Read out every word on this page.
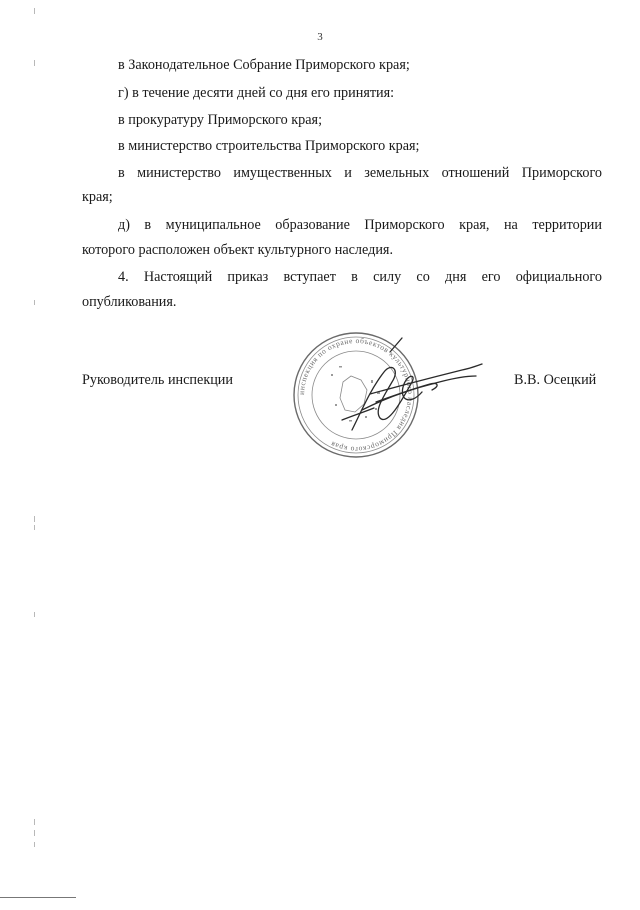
3
в Законодательное Собрание Приморского края;
г) в течение десяти дней со дня его принятия:
в прокуратуру Приморского края;
в министерство строительства Приморского края;
в министерство имущественных и земельных отношений Приморского
края;
д) в муниципальное образование Приморского края, на территории
которого расположен объект культурного наследия.
4. Настоящий приказ вступает в силу со дня его официального
опубликования.
Руководитель инспекции
инспекция по охране объектов культурного наследия Приморского края
В.В. Осецкий
